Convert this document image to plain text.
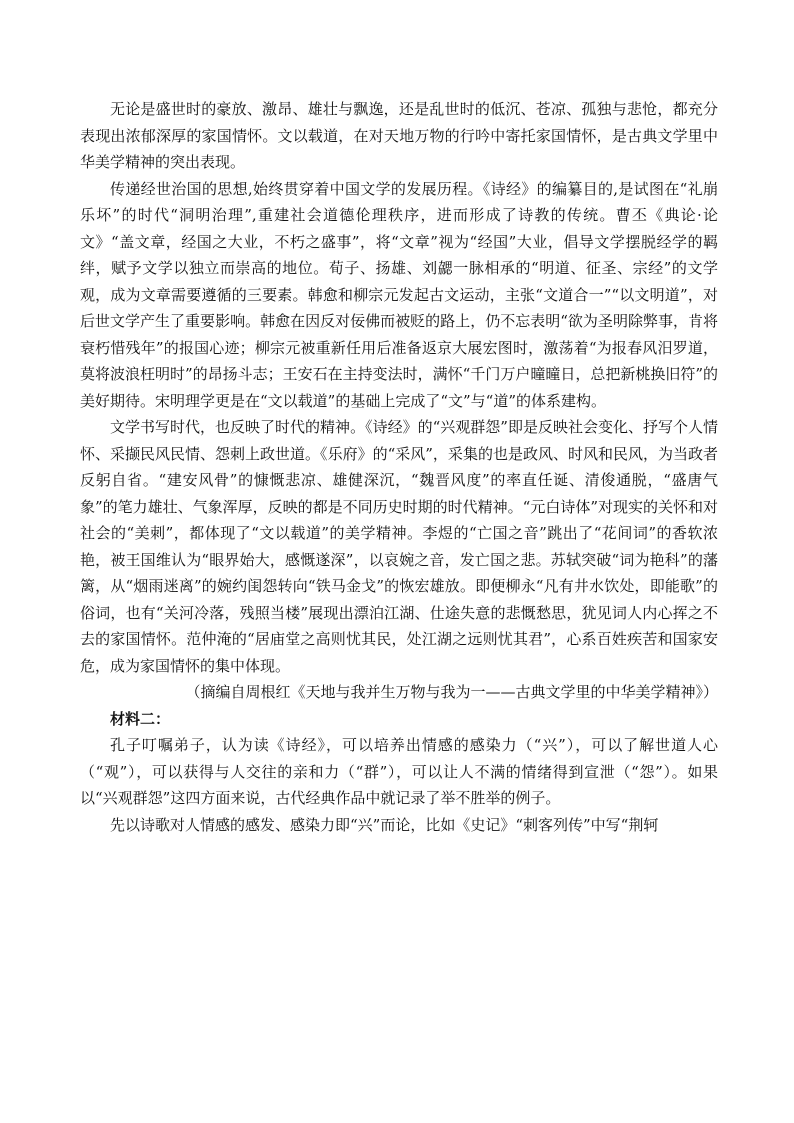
无论是盛世时的豪放、激昂、雄壮与飘逸，还是乱世时的低沉、苍凉、孤独与悲怆，都充分表现出浓郁深厚的家国情怀。文以载道，在对天地万物的行吟中寄托家国情怀，是古典文学里中华美学精神的突出表现。

传递经世治国的思想,始终贯穿着中国文学的发展历程。《诗经》的编纂目的,是试图在“礼崩乐坏”的时代“洞明治理”,重建社会道德伦理秩序，进而形成了诗教的传统。曹丕《典论·论文》“盖文章，经国之大业，不朽之盛事”，将“文章”视为“经国”大业，倡导文学摆脱经学的羁绊，赋予文学以独立而崇高的地位。荀子、扬雄、刘勰一脉相承的“明道、征圣、宗经”的文学观，成为文章需要遵循的三要素。韩愈和柳宗元发起古文运动，主张“文道合一”“以文明道”，对后世文学产生了重要影响。韩愈在因反对佞佛而被贬的路上，仍不忘表明“欲为圣明除弊事，肯将衰朽惜残年”的报国心迹；柳宗元被重新任用后准备返京大展宏图时，激荡着“为报春风汨罗道，莫将波浪枉明时”的昂扬斗志；王安石在主持变法时，满怀“千门万户曈曈日，总把新桃换旧符”的美好期待。宋明理学更是在“文以载道”的基础上完成了“文”与“道”的体系建构。

文学书写时代，也反映了时代的精神。《诗经》的“兴观群怨”即是反映社会变化、抒写个人情怀、采撷民风民情、怨刺上政世道。《乐府》的“采风”，采集的也是政风、时风和民风，为当政者反躬自省。“建安风骨”的慷慨悲凉、雄健深沉，“魏晋风度”的率直任诞、清俊通脱，“盛唐气象”的笔力雄壮、气象浑厚，反映的都是不同历史时期的时代精神。“元白诗体”对现实的关怀和对社会的“美刺”，都体现了“文以载道”的美学精神。李煜的“亡国之音”跳出了“花间词”的香软浓艳，被王国维认为“眼界始大，感慨遂深”，以哀婉之音，发亡国之悲。苏轼突破“词为艳科”的藩篱，从“烟雨迷离”的婉约闺怨转向“铁马金戈”的恢宏雄放。即便柳永“凡有井水饮处，即能歌”的俗词，也有“关河冷落，残照当楼”展现出漂泊江湖、仕途失意的悲慨愁思，犹见词人内心挥之不去的家国情怀。范仲淹的“居庙堂之高则忧其民，处江湖之远则忧其君”，心系百姓疾苦和国家安危，成为家国情怀的集中体现。

（摘编自周根红《天地与我并生万物与我为一——古典文学里的中华美学精神》）

材料二：

孔子叮嘱弟子，认为读《诗经》，可以培养出情感的感染力（“兴”），可以了解世道人心（“观”），可以获得与人交往的亲和力（“群”），可以让人不满的情绪得到宣泄（“怨”）。如果以“兴观群怨”这四方面来说，古代经典作品中就记录了举不胜举的例子。

先以诗歌对人情感的感发、感染力即“兴”而论，比如《史记》“刺客列传”中写“荆轲
